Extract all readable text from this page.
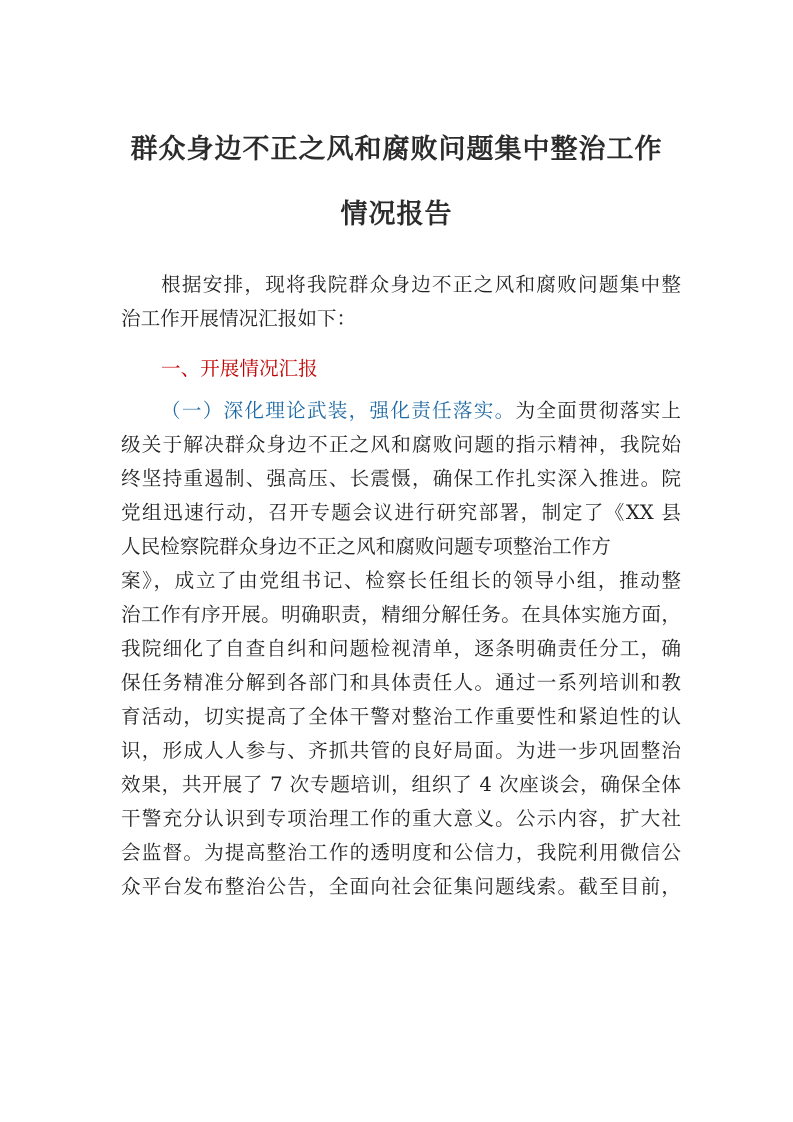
群众身边不正之风和腐败问题集中整治工作
情况报告
根据安排，现将我院群众身边不正之风和腐败问题集中整
治工作开展情况汇报如下：
一、开展情况汇报
（一）深化理论武装，强化责任落实。为全面贯彻落实上
级关于解决群众身边不正之风和腐败问题的指示精神，我院始
终坚持重遏制、强高压、长震慑，确保工作扎实深入推进。院
党组迅速行动，召开专题会议进行研究部署，制定了《XX 县
人民检察院群众身边不正之风和腐败问题专项整治工作方
案》，成立了由党组书记、检察长任组长的领导小组，推动整
治工作有序开展。明确职责，精细分解任务。在具体实施方面，
我院细化了自查自纠和问题检视清单，逐条明确责任分工，确
保任务精准分解到各部门和具体责任人。通过一系列培训和教
育活动，切实提高了全体干警对整治工作重要性和紧迫性的认
识，形成人人参与、齐抓共管的良好局面。为进一步巩固整治
效果，共开展了 7 次专题培训，组织了 4 次座谈会，确保全体
干警充分认识到专项治理工作的重大意义。公示内容，扩大社
会监督。为提高整治工作的透明度和公信力，我院利用微信公
众平台发布整治公告，全面向社会征集问题线索。截至目前，
